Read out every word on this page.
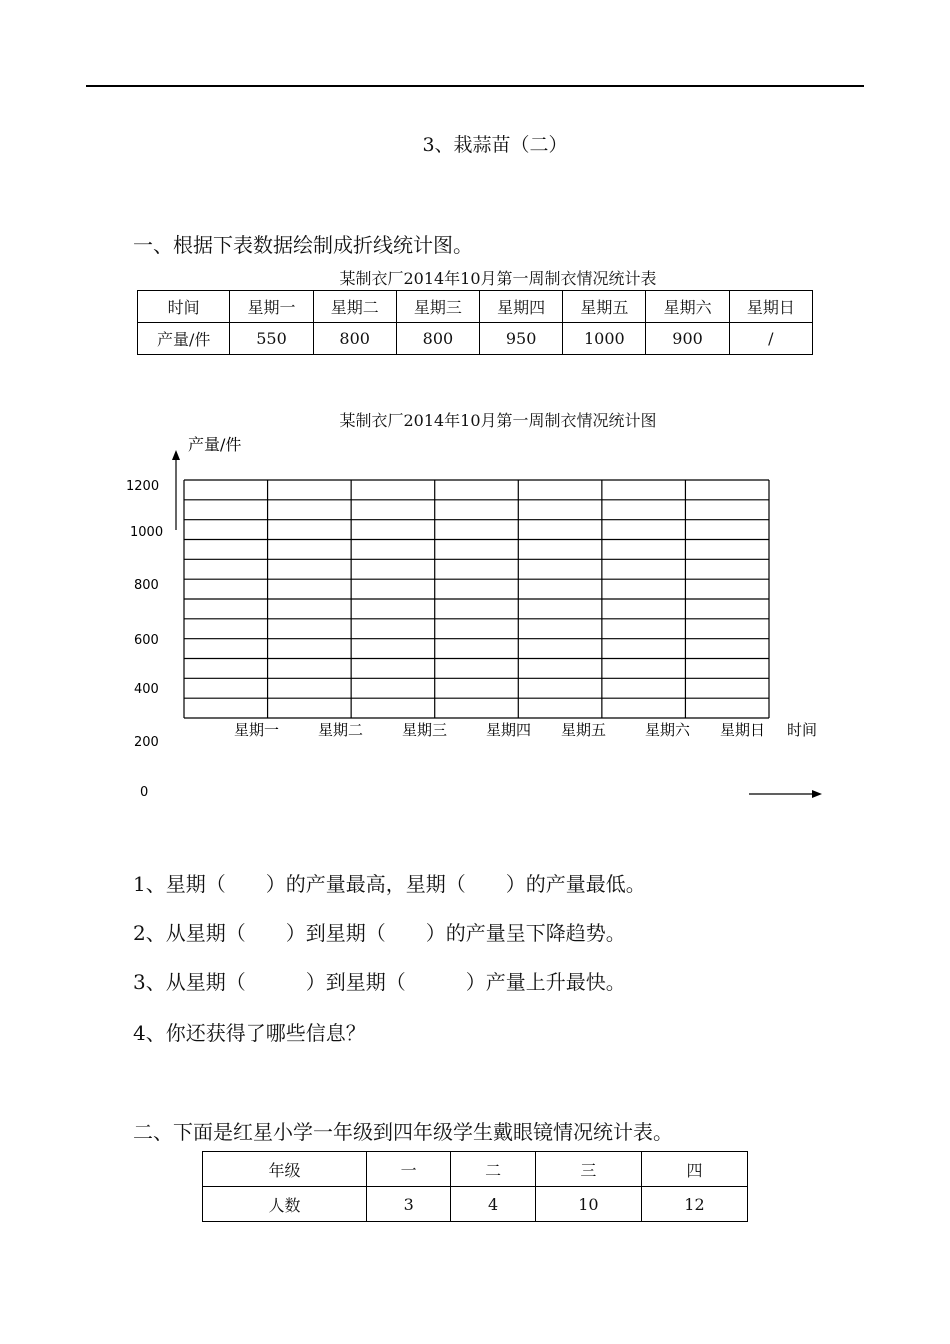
3、栽蒜苗（二）
一、根据下表数据绘制成折线统计图。
某制衣厂2014年10月第一周制衣情况统计表
时间	星期一	星期二	星期三	星期四	星期五	星期六	星期日
产量/件	550	800	800	950	1000	900	/
某制衣厂2014年10月第一周制衣情况统计图
产量/件
1200
1000
800
600
400
200
0
星期一	星期二	星期三	星期四 星期五	星期六 星期日 时间
1、星期（　　）的产量最高，星期（　　）的产量最低。
2、从星期（　　）到星期（　　）的产量呈下降趋势。
3、从星期（　　　）到星期（　　　）产量上升最快。
4、你还获得了哪些信息？
二、下面是红星小学一年级到四年级学生戴眼镜情况统计表。
年级	一	二	三	四
人数	3	4	10	12
